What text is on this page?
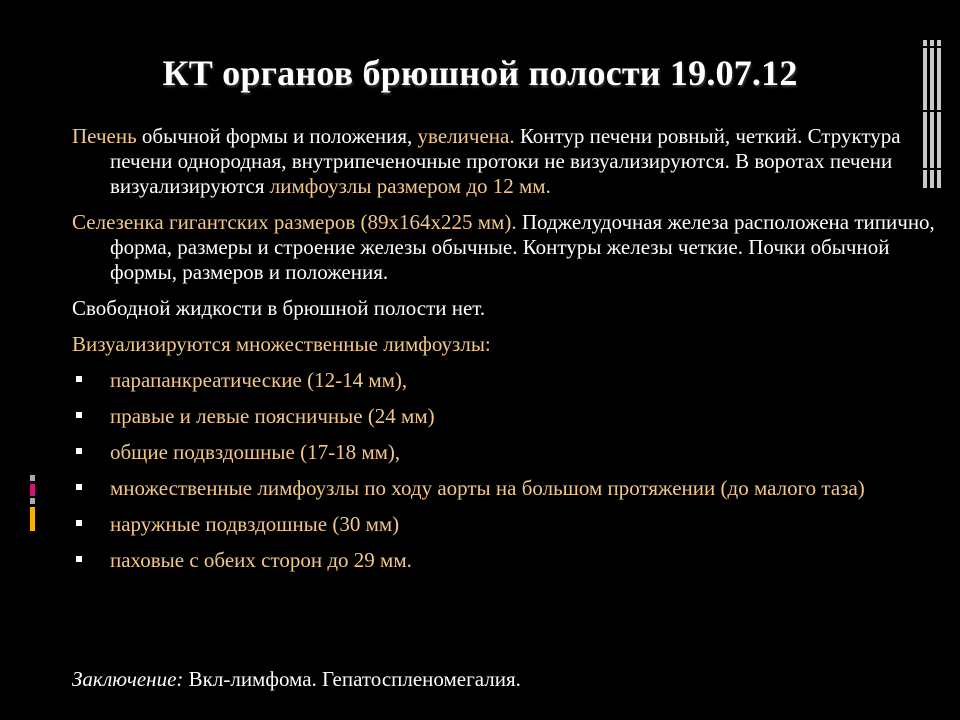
КТ органов брюшной полости 19.07.12

Печень обычной формы и положения, увеличена. Контур печени ровный, четкий. Структура печени однородная, внутрипеченочные протоки не визуализируются. В воротах печени визуализируются лимфоузлы размером до 12 мм.

Селезенка гигантских размеров (89х164х225 мм). Поджелудочная железа расположена типично, форма, размеры и строение железы обычные. Контуры железы четкие. Почки обычной формы, размеров и положения.

Свободной жидкости в брюшной полости нет.

Визуализируются множественные лимфоузлы:

парапанкреатические (12-14 мм),
правые и левые поясничные (24 мм)
общие подвздошные (17-18 мм),
множественные лимфоузлы по ходу аорты на большом протяжении (до малого таза)
наружные подвздошные (30 мм)
паховые с обеих сторон до 29 мм.
Заключение: Вкл-лимфома. Гепатоспленомегалия.
